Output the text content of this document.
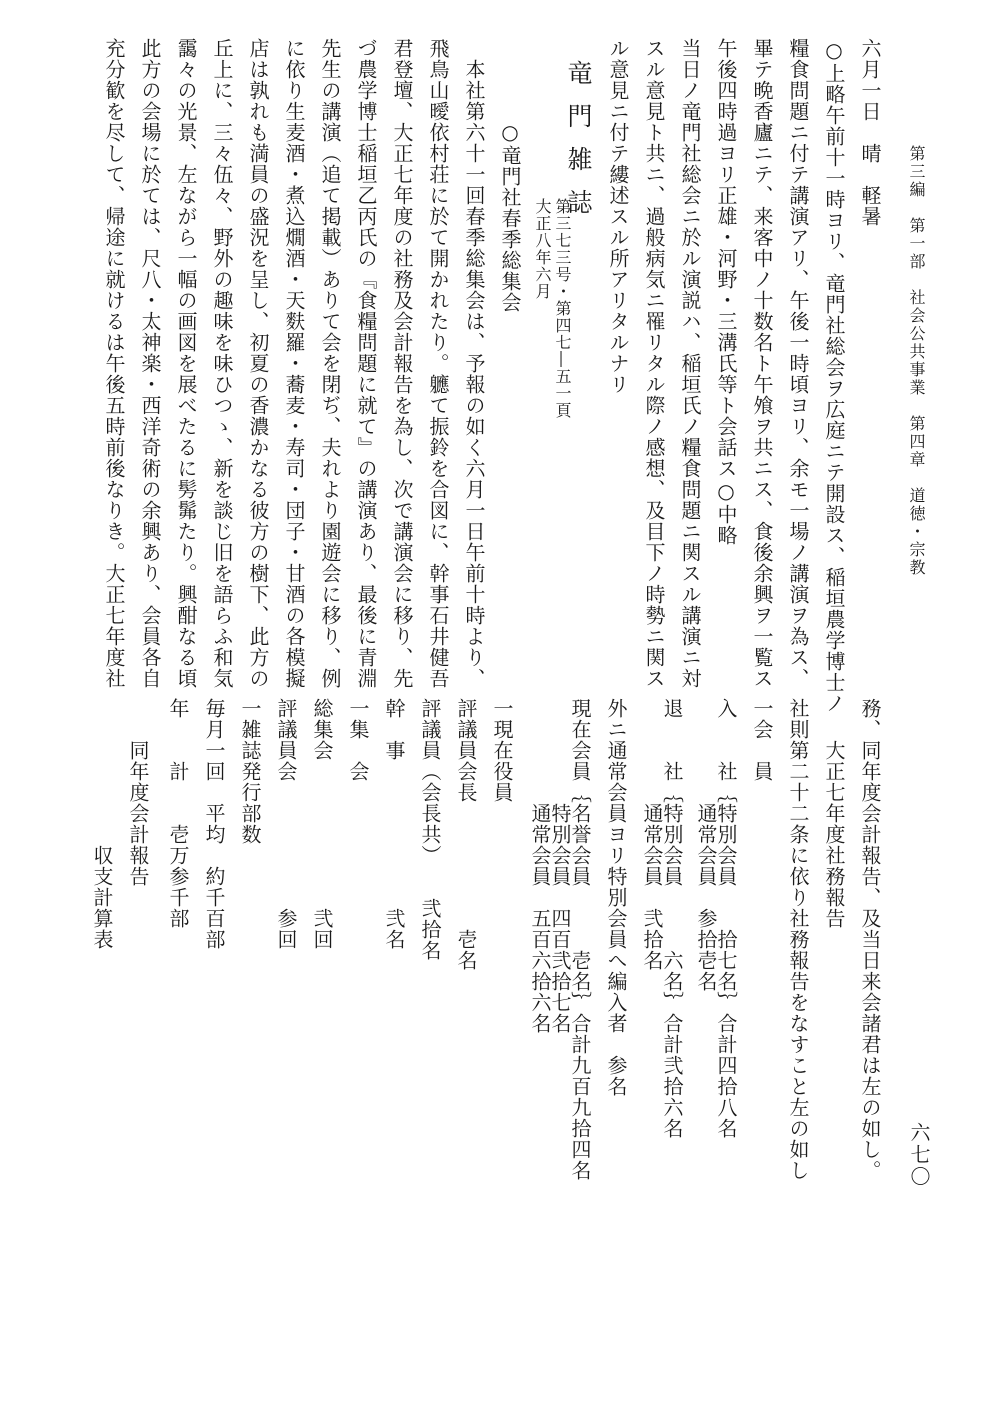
第三編　第一部　社会公共事業　第四章　道徳・宗教
六七〇
六月一日　晴　軽暑
○上略午前十一時ヨリ、竜門社総会ヲ広庭ニテ開設ス、稲垣農学博士ノ
糧食問題ニ付テ講演アリ、午後一時頃ヨリ、余モ一場ノ講演ヲ為ス、
畢テ晩香廬ニテ、来客中ノ十数名ト午飧ヲ共ニス、食後余興ヲ一覧ス
午後四時過ヨリ正雄・河野・三溝氏等ト会話ス○中略
当日ノ竜門社総会ニ於ル演説ハ、稲垣氏ノ糧食問題ニ関スル講演ニ対
スル意見ト共ニ、過般病気ニ罹リタル際ノ感想、及目下ノ時勢ニ関ス
ル意見ニ付テ縷述スル所アリタルナリ
竜門雑誌
第三七三号・第四七―五一頁
大正八年六月
○竜門社春季総集会
　本社第六十一回春季総集会は、予報の如く六月一日午前十時より、
飛鳥山曖依村荘に於て開かれたり。軈て振鈴を合図に、幹事石井健吾
君登壇、大正七年度の社務及会計報告を為し、次で講演会に移り、先
づ農学博士稲垣乙丙氏の『食糧問題に就て』の講演あり、最後に青淵
先生の講演（追て掲載）ありて会を閉ぢ、夫れより園遊会に移り、例
に依り生麦酒・煮込燗酒・天麩羅・蕎麦・寿司・団子・甘酒の各模擬
店は孰れも満員の盛況を呈し、初夏の香濃かなる彼方の樹下、此方の
丘上に、三々伍々、野外の趣味を味ひつゝ、新を談じ旧を語らふ和気
靄々の光景、左ながら一幅の画図を展べたるに髣髴たり。興酣なる頃
此方の会場に於ては、尺八・太神楽・西洋奇術の余興あり、会員各自
充分歓を尽して、帰途に就けるは午後五時前後なりき。大正七年度社
務、同年度会計報告、及当日来会諸君は左の如し。
　　大正七年度社務報告
社則第二十二条に依り社務報告をなすこと左の如し
一会　員
入　　社｛特別会員　　拾七名｝合計四拾八名
　　　　　通常会員　参拾壱名
退　　社｛特別会員　　　六名｝合計弐拾六名
　　　　　通常会員　弐拾名
外ニ通常会員ヨリ特別会員へ編入者　参名
現在会員｛名誉会員　　　壱名｝合計九百九拾四名
　　　　　特別会員　四百弐拾七名
　　　　　通常会員　五百六拾六名
一現在役員
評議員会長　　　　　　壱名
評議員（会長共）　　弐拾名
幹　事　　　　　　　弐名
一集　会
総集会　　　　　　　弐回
評議員会　　　　　　参回
一雑誌発行部数
毎月一回　平均　約千百部
年　　計　　壱万参千部
　　同年度会計報告
　　　　　　　収支計算表
